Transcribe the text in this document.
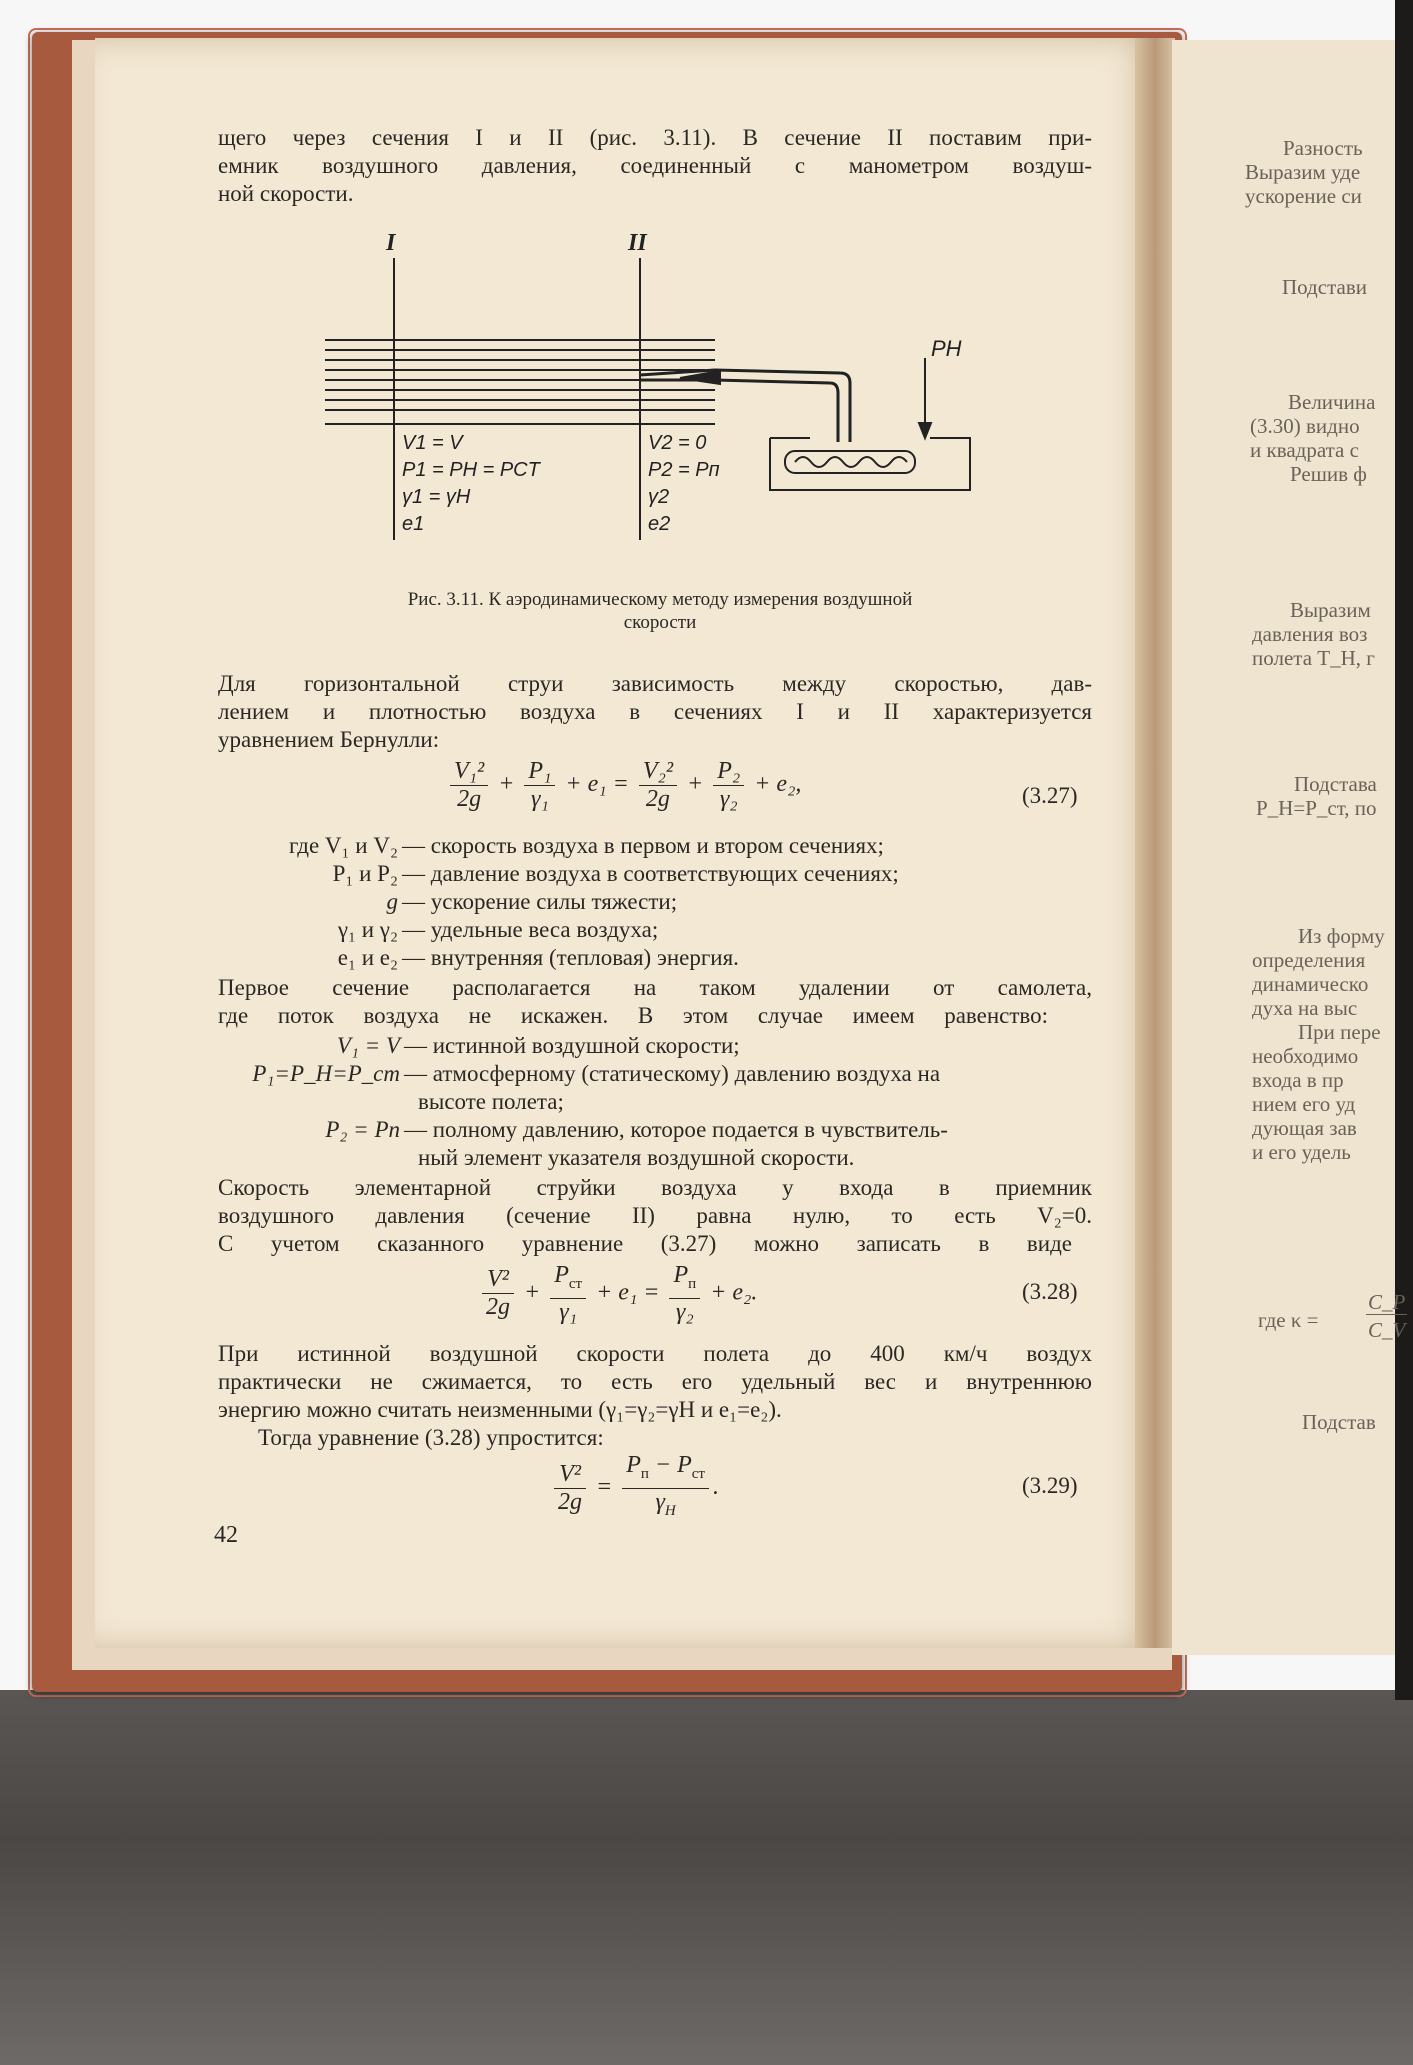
щего через сечения I и II (рис. 3.11). В сечение II поставим при-
емник воздушного давления, соединенный с манометром воздуш-
ной скорости.
I	II
PH
V1 = V
P1 = PH = PCT
γ1 = γH
e1
V2 = 0
P2 = Pп
γ2
e2
Рис. 3.11. К аэродинамическому методу измерения воздушной
скорости
Для горизонтальной струи зависимость между скоростью, дав-
лением и плотностью воздуха в сечениях I и II характеризуется
уравнением Бернулли:
$\frac{\text{V₁²}}{2g} + \frac{\text{P₁}}{\text{γ₁}} + e_1 = \frac{\text{V₂²}}{2g} + \frac{\text{P₂}}{\text{γ₂}} + e_2$,	(3.27)
где V₁ и V₂ — скорость воздуха в первом и втором сечениях;
P₁ и P₂ — давление воздуха в соответствующих сечениях;
g — ускорение силы тяжести;
γ₁ и γ₂ — удельные веса воздуха;
e₁ и e₂ — внутренняя (тепловая) энергия.
Первое сечение располагается на таком удалении от самолета,
где поток воздуха не искажен. В этом случае имеем равенство:
V₁ = V — истинной воздушной скорости;
P₁=P_H=P_ст — атмосферному (статическому) давлению воздуха на
высоте полета;
P₂ = Pп — полному давлению, которое подается в чувствитель-
ный элемент указателя воздушной скорости.
Скорость элементарной струйки воздуха у входа в приемник
воздушного давления (сечение II) равна нулю, то есть V₂=0.
С учетом сказанного уравнение (3.27) можно записать в виде
$\frac{\text{V²}}{2g} + \frac{P_{ст}}{\text{γ₁}} + e_1 = \frac{P_п}{\text{γ₂}} + e_2$.	(3.28)
При истинной воздушной скорости полета до 400 км/ч воздух
практически не сжимается, то есть его удельный вес и внутреннюю
энергию можно считать неизменными (γ₁=γ₂=γH и e₁=e₂).
Тогда уравнение (3.28) упростится:
$\frac{\text{V²}}{2g} = \frac{P_п - P_{ст}}{\gamma_H}$ .	(3.29)
42
Разность
Выразим уде
ускорение си
Подстави
Величина
(3.30) видно
и квадрата с
Решив ф
Выразим
давления воз
полета T_H, г
Подстава
P_H=P_ст, по
Из форму
определения
динамическо
духа на выс
При пере
необходимо
входа в пр
нием его уд
дующая зав
и его удель
где κ =
C_P
C_V
Подстав
